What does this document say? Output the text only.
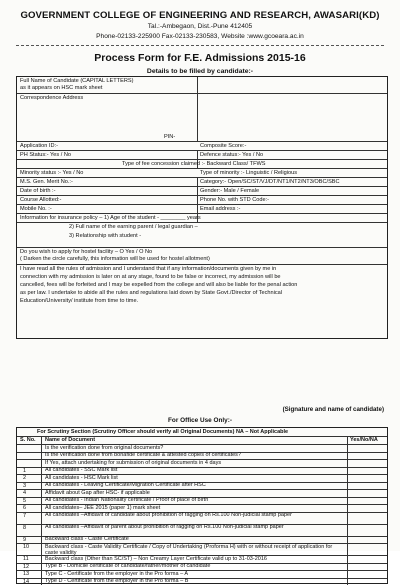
GOVERNMENT COLLEGE OF ENGINEERING AND RESEARCH, AWASARI(KD)
Tal.:-Ambegaon, Dist.-Pune 412405
Phone-02133-225900 Fax-02133-230583, Website :www.gcoeara.ac.in
Process Form for F.E. Admissions 2015-16
Details to be filled by candidate:-
Full Name of Candidate (CAPITAL LETTERS)
as it appears on HSC mark sheet
Correspondence Address
PIN-
Application ID:-	Composite Score:-
PH Status:- Yes / No	Defence status:- Yes / No
Type of fee concession claimed :- Backward Class/ TFWS
Minority status :- Yes / No	Type of minority :- Linguistic / Religious
M.S. Gen. Merit No.:-	Category:- Open/SC/ST/VJ/DT/NT1/NT2/NT3/OBC/SBC
Date of birth :-	Gender:- Male / Female
Course Allotted:-	Phone No. with STD Code:-
Mobile No. :-	Email address :-
Information for insurance policy – 1) Age of the student - ________ years
2) Full name of the earning parent / legal guardian –
3) Relationship with student -
Do you wish to apply for hostel facility – O Yes / O No
( Darken the circle carefully, this information will be used for hostel allotment)
I have read all the rules of admission and I understand that if any information/documents given by me in
connection with my admission is later on at any stage, found to be false or incorrect, my admission will be
cancelled, fees will be forfeited and I may be expelled from the college and will also be liable for the penal action
as per law. I undertake to abide all the rules and regulations laid down by State Govt./Director of Technical
Education/University/ institute from time to time.
(Signature and name of candidate)
For Office Use Only:-
For Scrutiny Section (Scrutiny Officer should verify all Original Documents) NA – Not Applicable
S. No. Name of Document	Yes/No/NA
Is the verification done from original documents?
Is the verification done from bonafide certificate & attested copies of certificates?
If Yes, attach undertaking for submission of original documents in 4 days
1	All candidates - SSC Mark list
2	All candidates - HSC Mark list
3	All candidates - Leaving Certificate/Migration Certificate after HSC
4	Affidavit about Gap after HSC- if applicable
5	All candidates - Indian Nationality certificate / Proof of place of birth
6	All candidates– JEE 2015 (paper 1) mark sheet
7	All candidates –Affidavit of candidate about prohibition of ragging on Rs.100 Non-judicial stamp paper
8	All candidates –Affidavit of parent about prohibition of ragging on Rs.100 Non-judicial stamp paper
9	Backward class - Caste Certificate
10	Backward class - Caste Validity Certificate / Copy of Undertaking (Proforma H) with or without receipt of application for caste validity
11	Backward class (Other than SC/ST) – Non Creamy Layer Certificate valid up to 31-03-2016
12	Type B - Domicile certificate of candidate/father/mother of candidate
13	Type C - Certificate from the employer in the Pro forma – A
14	Type D - Certificate from the employer in the Pro forma – B
